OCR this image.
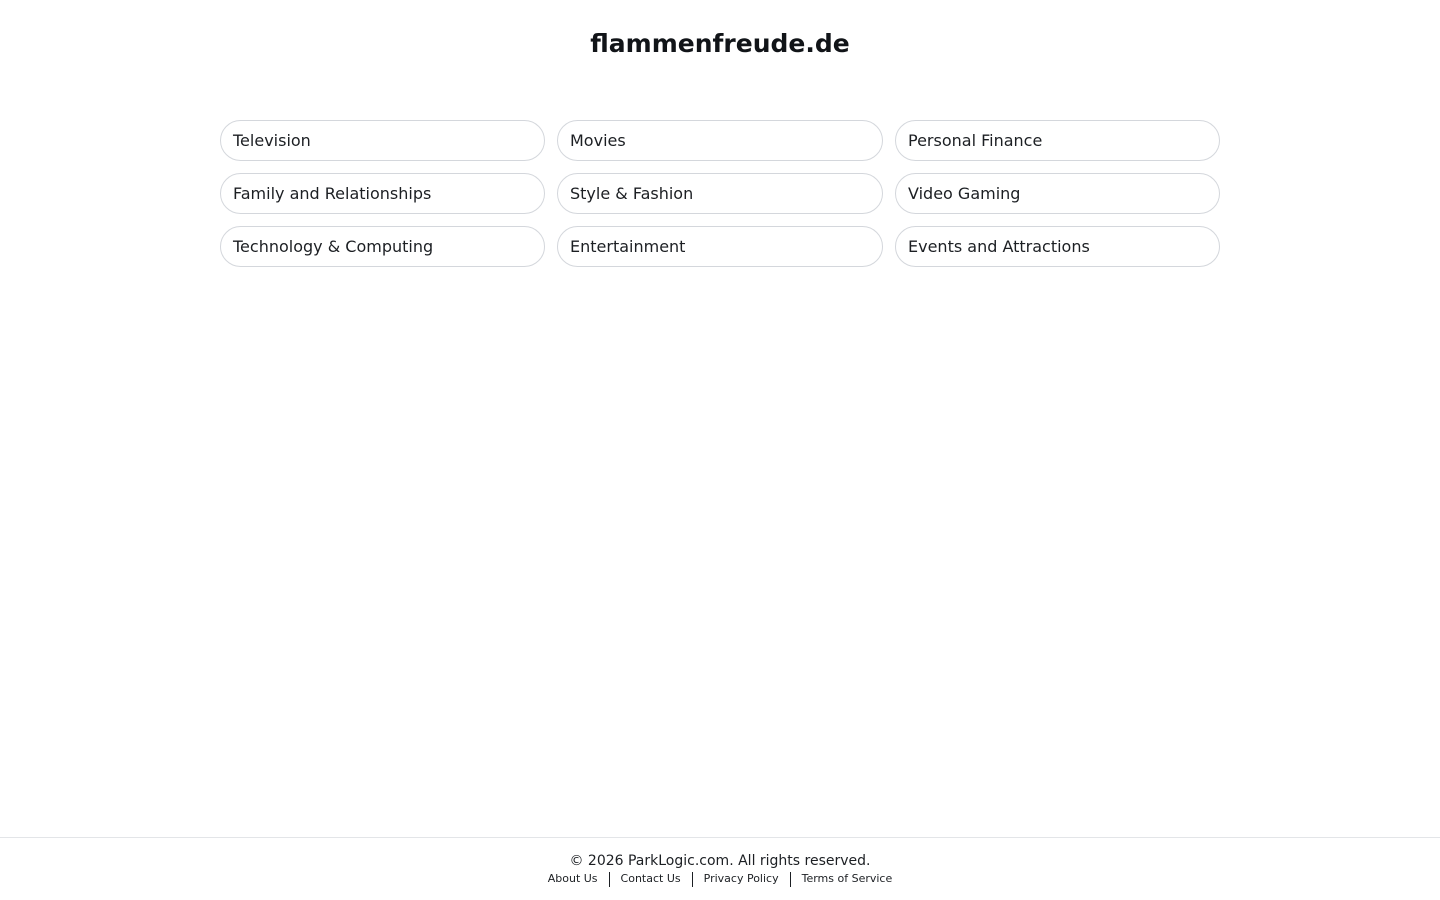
flammenfreude.de
Television	Movies	Personal Finance
Family and Relationships	Style & Fashion	Video Gaming
Technology & Computing	Entertainment	Events and Attractions
© 2026 ParkLogic.com. All rights reserved.
About Us Contact Us Privacy Policy Terms of Service
